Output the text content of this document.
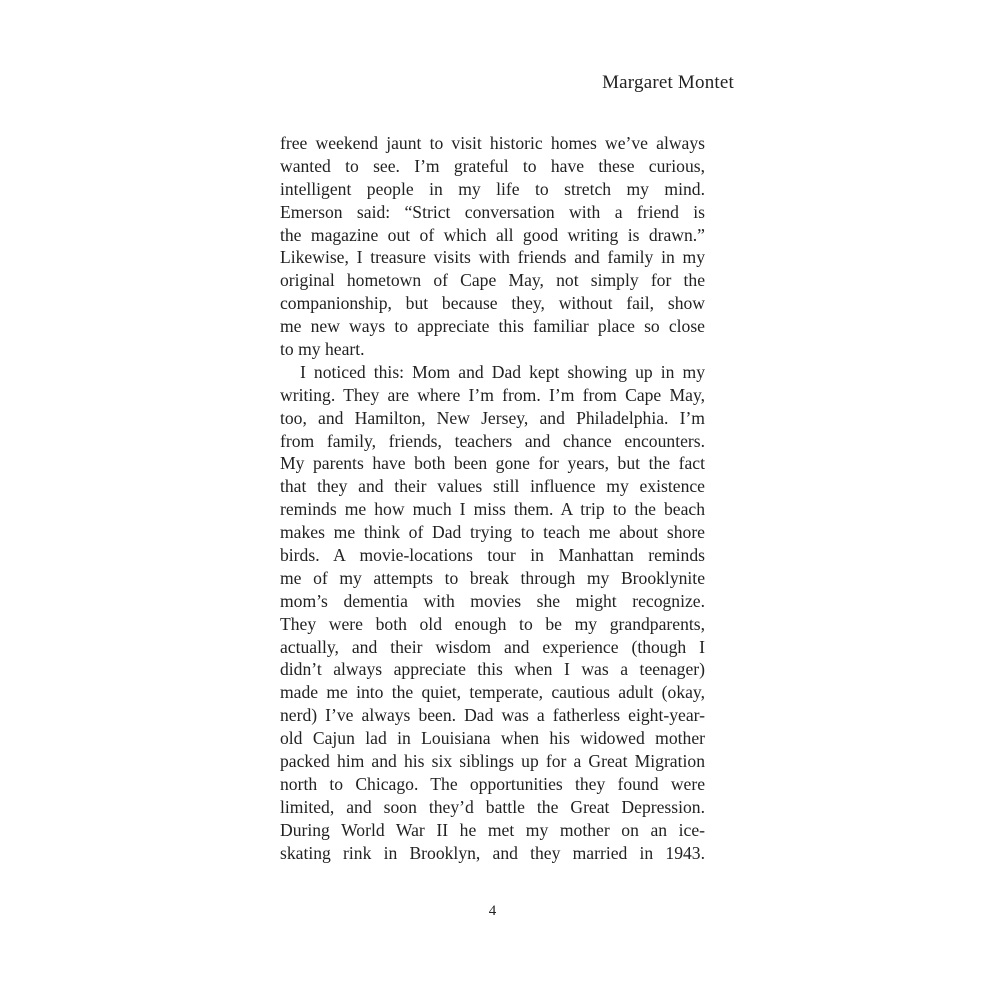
Margaret Montet
free weekend jaunt to visit historic homes we’ve always
wanted to see. I’m grateful to have these curious,
intelligent people in my life to stretch my mind.
Emerson said: “Strict conversation with a friend is
the magazine out of which all good writing is drawn.”
Likewise, I treasure visits with friends and family in my
original hometown of Cape May, not simply for the
companionship, but because they, without fail, show
me new ways to appreciate this familiar place so close
to my heart.
I noticed this: Mom and Dad kept showing up in my
writing. They are where I’m from. I’m from Cape May,
too, and Hamilton, New Jersey, and Philadelphia. I’m
from family, friends, teachers and chance encounters.
My parents have both been gone for years, but the fact
that they and their values still influence my existence
reminds me how much I miss them. A trip to the beach
makes me think of Dad trying to teach me about shore
birds. A movie-locations tour in Manhattan reminds
me of my attempts to break through my Brooklynite
mom’s dementia with movies she might recognize.
They were both old enough to be my grandparents,
actually, and their wisdom and experience (though I
didn’t always appreciate this when I was a teenager)
made me into the quiet, temperate, cautious adult (okay,
nerd) I’ve always been. Dad was a fatherless eight-year-
old Cajun lad in Louisiana when his widowed mother
packed him and his six siblings up for a Great Migration
north to Chicago. The opportunities they found were
limited, and soon they’d battle the Great Depression.
During World War II he met my mother on an ice-
skating rink in Brooklyn, and they married in 1943.
4
